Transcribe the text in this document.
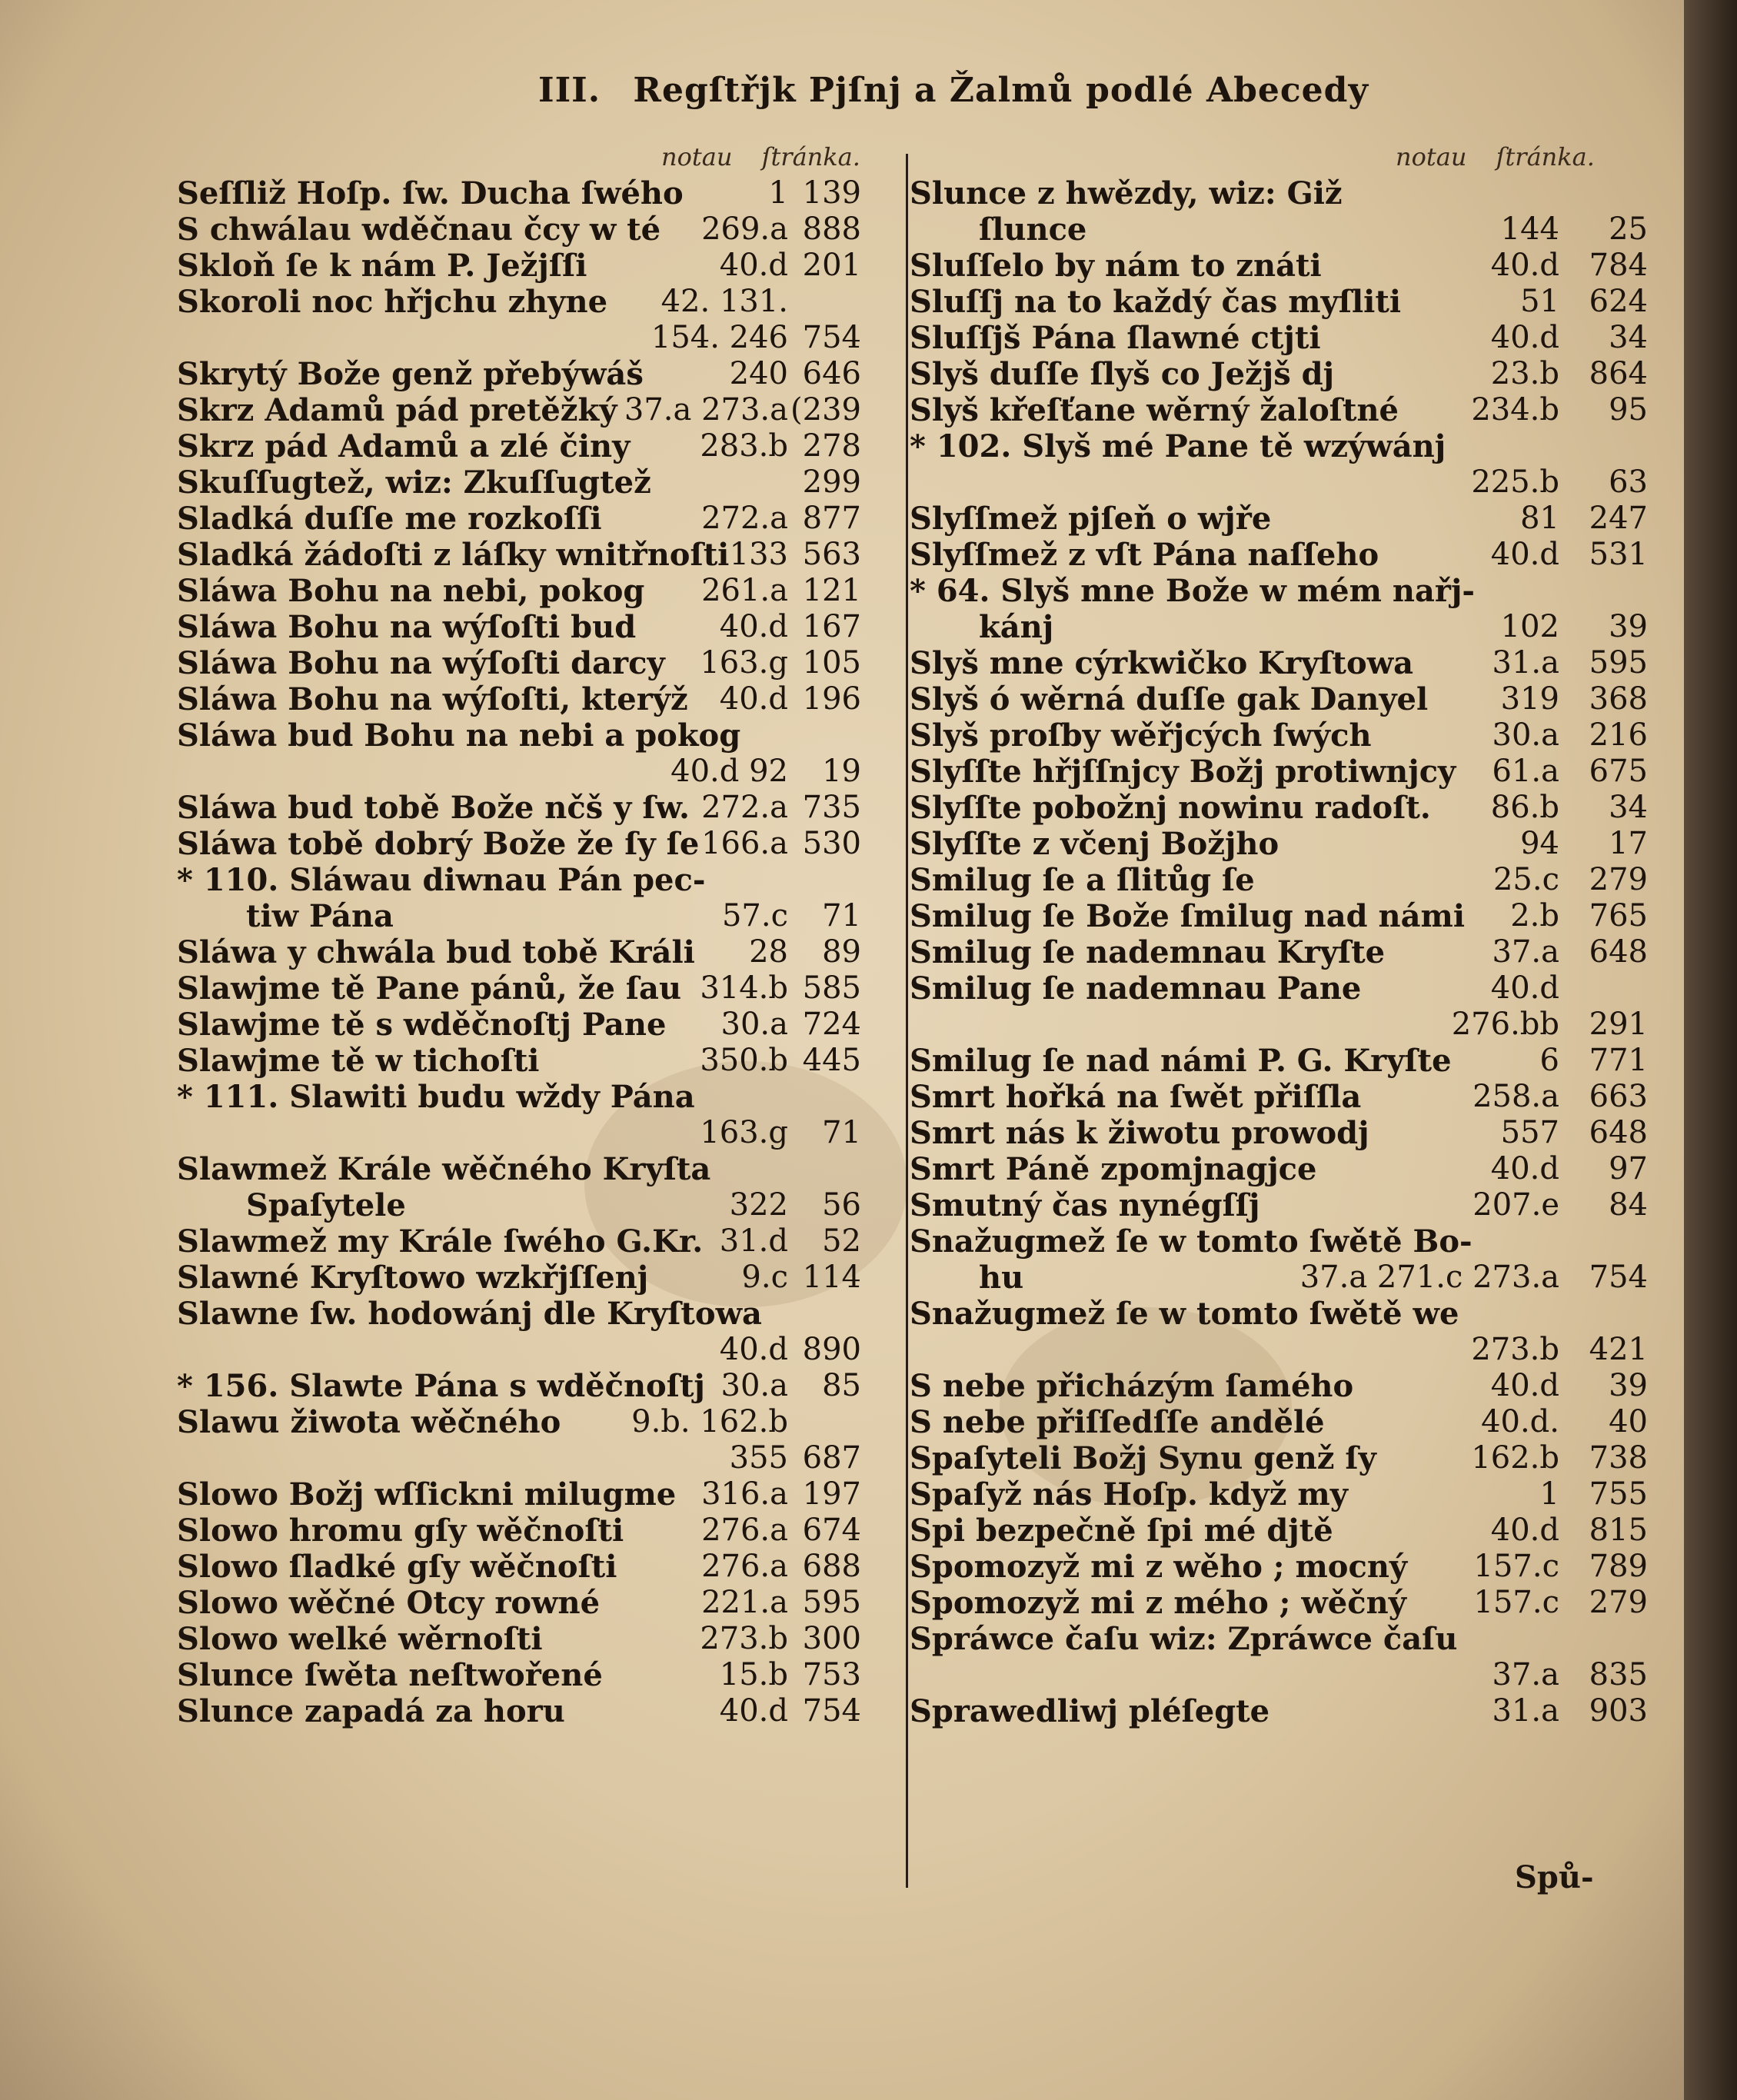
III. Regſtřjk Pjſnj a Žalmů podlé Abecedy
notau ſtránka.	notau ſtránka.
Seſſliž Hoſp. ſw. Ducha ſwého	1 139
S chwálau wděčnau čcy w té 269.a 888
Skloň ſe k nám P. Ježjſſi	40.d 201
Skoroli noc hřjchu zhyne 42. 131.
154. 246 754
Skrytý Bože genž přebýwáš	240 646
Skrz Adamů pád pretěžký 37.a 273.a (239
Skrz pád Adamů a zlé činy 283.b 278
Skuſſugtež, wiz: Zkuſſugtež	299
Sladká duſſe me rozkoſſi	272.a 877
Sladká žádoſti z láſky wnitřnoſti 133 563
Sláwa Bohu na nebi, pokog 261.a 121
Sláwa Bohu na wýſoſti bud	40.d 167
Sláwa Bohu na wýſoſti darcy 163.g 105
Sláwa Bohu na wýſoſti, kterýž 40.d 196
Sláwa bud Bohu na nebi a pokog
40.d 92 19
Sláwa bud tobě Bože nčš y ſw. 272.a 735
Sláwa tobě dobrý Bože že ſy ſe 166.a 530
* 110. Sláwau diwnau Pán pec-
tiw Pána	57.c 71
Sláwa y chwála bud tobě Králi 28 89
Slawjme tě Pane pánů, že ſau 314.b 585
Slawjme tě s wděčnoſtj Pane 30.a 724
Slawjme tě w tichoſti	350.b 445
* 111. Slawiti budu wždy Pána
163.g 71
Slawmež Krále wěčného Kryſta
Spaſytele	322 56
Slawmež my Krále ſwého G.Kr. 31.d 52
Slawné Kryſtowo wzkřjſſenj	9.c 114
Slawne ſw. hodowánj dle Kryſtowa
40.d 890
* 156. Slawte Pána s wděčnoſtj 30.a 85
Slawu žiwota wěčného 9.b. 162.b
355 687
Slowo Božj wſſickni milugme 316.a 197
Slowo hromu gſy wěčnoſti	276.a 674
Slowo ſladké gſy wěčnoſti	276.a 688
Slowo wěčné Otcy rowné	221.a 595
Slowo welké wěrnoſti	273.b 300
Slunce ſwěta neſtwořené	15.b 753
Slunce zapadá za horu	40.d 754
Slunce z hwězdy, wiz: Giž
ſlunce	144 25
Sluſſelo by nám to znáti	40.d 784
Sluſſj na to každý čas myſliti	51 624
Sluſſjš Pána ſlawné ctjti	40.d 34
Slyš duſſe ſlyš co Ježjš dj	23.b 864
Slyš křeſťane wěrný žaloſtné 234.b 95
* 102. Slyš mé Pane tě wzýwánj
225.b 63
Slyſſmež pjſeň o wjře	81 247
Slyſſmež z vſt Pána naſſeho	40.d 531
* 64. Slyš mne Bože w mém nařj-
kánj	102 39
Slyš mne cýrkwičko Kryſtowa	31.a 595
Slyš ó wěrná duſſe gak Danyel 319 368
Slyš proſby wěřjcých ſwých	30.a 216
Slyſſte hřjſſnjcy Božj protiwnjcy 61.a 675
Slyſſte pobožnj nowinu radoſt. 86.b 34
Slyſſte z včenj Božjho	94 17
Smilug ſe a ſlitůg ſe	25.c 279
Smilug ſe Bože ſmilug nad námi 2.b 765
Smilug ſe nademnau Kryſte	37.a 648
Smilug ſe nademnau Pane	40.d
276.bb 291
Smilug ſe nad námi P. G. Kryſte	6 771
Smrt hořká na ſwět přiſſla	258.a 663
Smrt nás k žiwotu prowodj	557 648
Smrt Páně zpomjnagjce	40.d 97
Smutný čas nynégſſj	207.e 84
Snažugmež ſe w tomto ſwětě Bo-
hu	37.a 271.c 273.a 754
Snažugmež ſe w tomto ſwětě we
273.b 421
S nebe přicházým ſamého	40.d 39
S nebe přiſſedſſe andělé	40.d. 40
Spaſyteli Božj Synu genž ſy	162.b 738
Spaſyž nás Hoſp. když my	1 755
Spi bezpečně ſpi mé djtě	40.d 815
Spomozyž mi z wěho ; mocný 157.c 789
Spomozyž mi z mého ; wěčný 157.c 279
Spráwce čaſu wiz: Zpráwce čaſu
37.a 835
Sprawedliwj pléſegte	31.a 903
Spů-
